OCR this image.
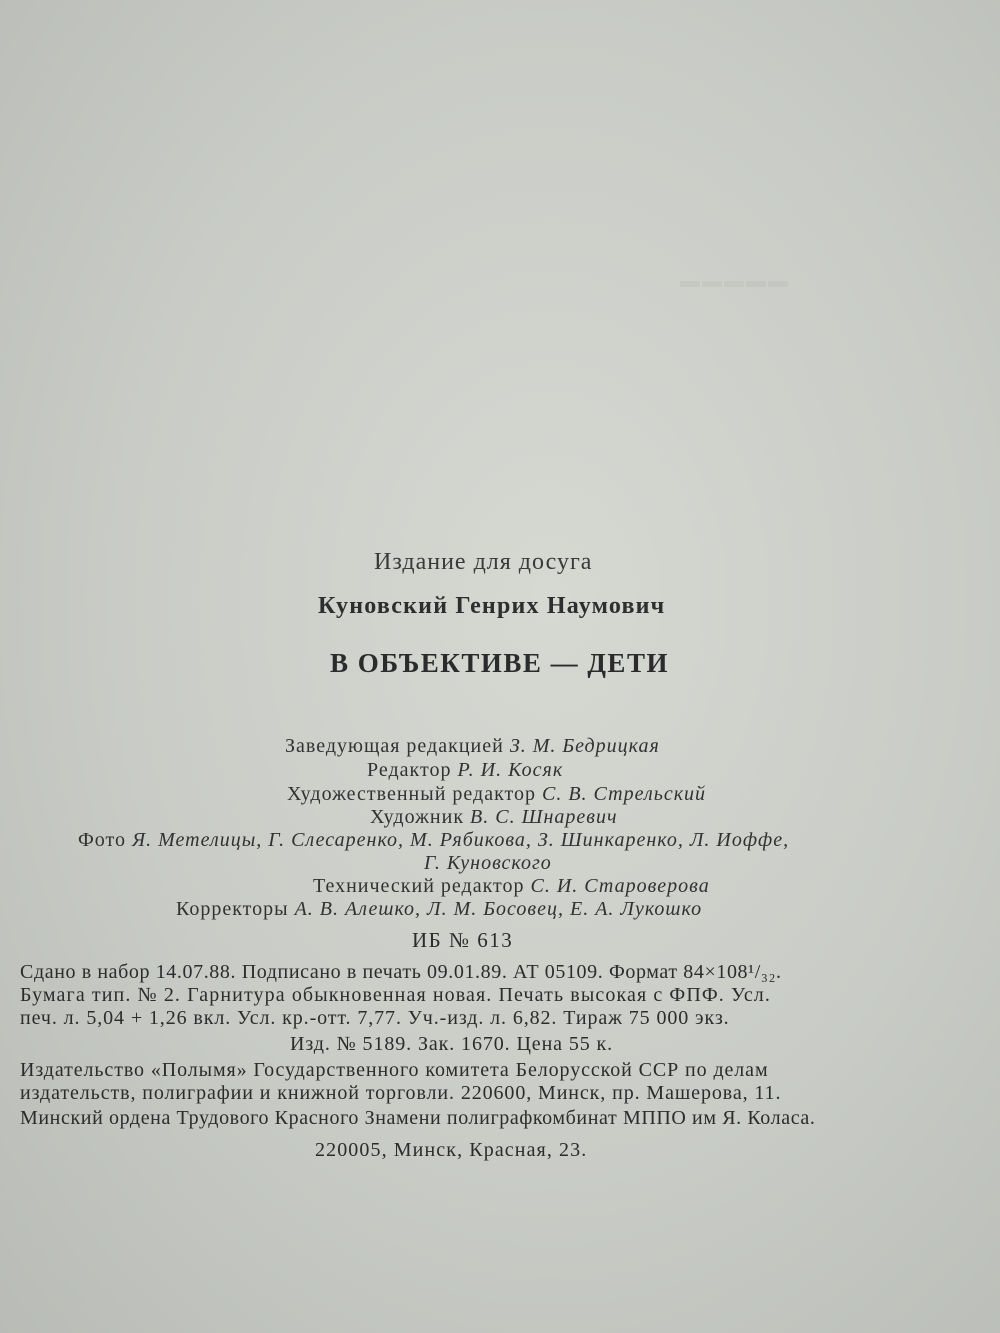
▬▬▬▬▬
Издание для досуга
Куновский Генрих Наумович
В ОБЪЕКТИВЕ — ДЕТИ
Заведующая редакцией З. М. Бедрицкая
Редактор Р. И. Косяк
Художественный редактор С. В. Стрельский
Художник В. С. Шнаревич
Фото Я. Метелицы, Г. Слесаренко, М. Рябикова, З. Шинкаренко, Л. Иоффе,
Г. Куновского
Технический редактор С. И. Староверова
Корректоры А. В. Алешко, Л. М. Босовец, Е. А. Лукошко
ИБ № 613
Сдано в набор 14.07.88. Подписано в печать 09.01.89. АТ 05109. Формат 84×108¹/₃₂.
Бумага тип. № 2. Гарнитура обыкновенная новая. Печать высокая с ФПФ. Усл.
печ. л. 5,04 + 1,26 вкл. Усл. кр.-отт. 7,77. Уч.-изд. л. 6,82. Тираж 75 000 экз.
Изд. № 5189. Зак. 1670. Цена 55 к.
Издательство «Полымя» Государственного комитета Белорусской ССР по делам
издательств, полиграфии и книжной торговли. 220600, Минск, пр. Машерова, 11.
Минский ордена Трудового Красного Знамени полиграфкомбинат МППО им Я. Коласа.
220005, Минск, Красная, 23.
